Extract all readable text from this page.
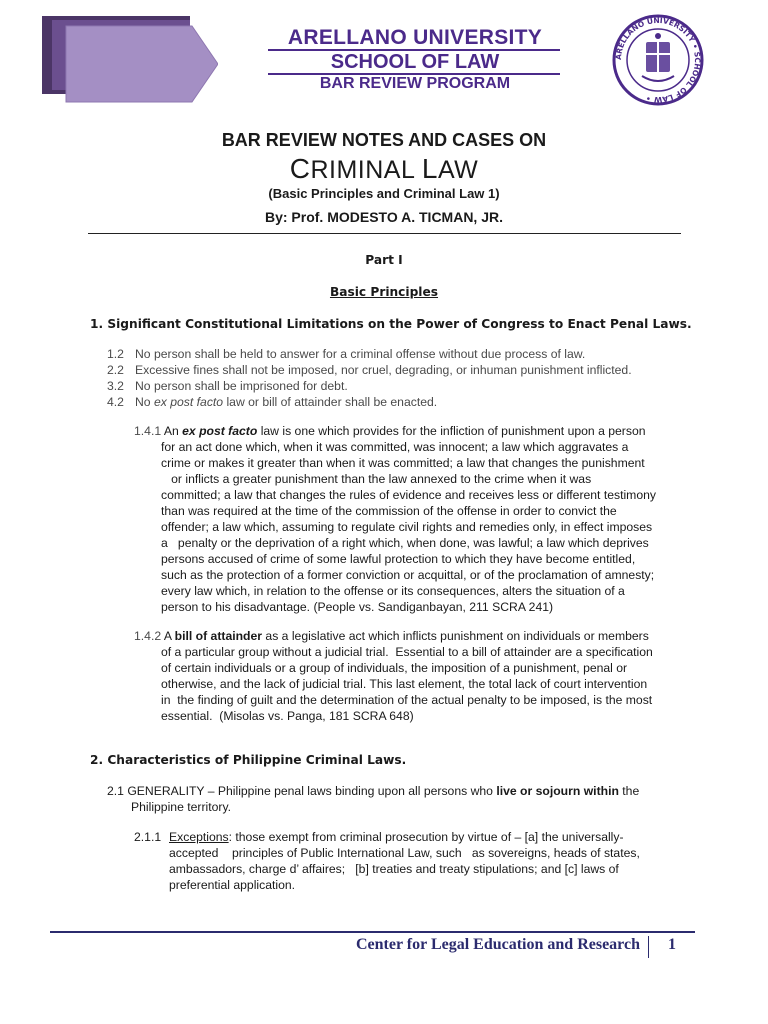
ARELLANO UNIVERSITY
SCHOOL OF LAW
BAR REVIEW PROGRAM
ARELLANO UNIVERSITY • SCHOOL OF LAW •
BAR REVIEW NOTES AND CASES ON
CRIMINAL LAW
(Basic Principles and Criminal Law 1)
By: Prof. MODESTO A. TICMAN, JR.
Part I
Basic Principles
1. Significant Constitutional Limitations on the Power of Congress to Enact Penal Laws.
1.2 No person shall be held to answer for a criminal offense without due process of law.
2.2 Excessive fines shall not be imposed, nor cruel, degrading, or inhuman punishment inflicted.
3.2 No person shall be imprisoned for debt.
4.2 No ex post facto law or bill of attainder shall be enacted.
1.4.1 An ex post facto law is one which provides for the infliction of punishment upon a person
for an act done which, when it was committed, was innocent; a law which aggravates a
crime or makes it greater than when it was committed; a law that changes the punishment
or inflicts a greater punishment than the law annexed to the crime when it was
committed; a law that changes the rules of evidence and receives less or different testimony
than was required at the time of the commission of the offense in order to convict the
offender; a law which, assuming to regulate civil rights and remedies only, in effect imposes
a   penalty or the deprivation of a right which, when done, was lawful; a law which deprives
persons accused of crime of some lawful protection to which they have become entitled,
such as the protection of a former conviction or acquittal, or of the proclamation of amnesty;
every law which, in relation to the offense or its consequences, alters the situation of a
person to his disadvantage. (People vs. Sandiganbayan, 211 SCRA 241)
1.4.2 A bill of attainder as a legislative act which inflicts punishment on individuals or members
of a particular group without a judicial trial.  Essential to a bill of attainder are a specification
of certain individuals or a group of individuals, the imposition of a punishment, penal or
otherwise, and the lack of judicial trial. This last element, the total lack of court intervention
in  the finding of guilt and the determination of the actual penalty to be imposed, is the most
essential.  (Misolas vs. Panga, 181 SCRA 648)
2. Characteristics of Philippine Criminal Laws.
2.1 GENERALITY – Philippine penal laws binding upon all persons who live or sojourn within the
Philippine territory.
2.1.1 Exceptions: those exempt from criminal prosecution by virtue of – [a] the universally-
accepted    principles of Public International Law, such   as sovereigns, heads of states,
ambassadors, charge d’ affaires;   [b] treaties and treaty stipulations; and [c] laws of
preferential application.
Center for Legal Education and Research 1
